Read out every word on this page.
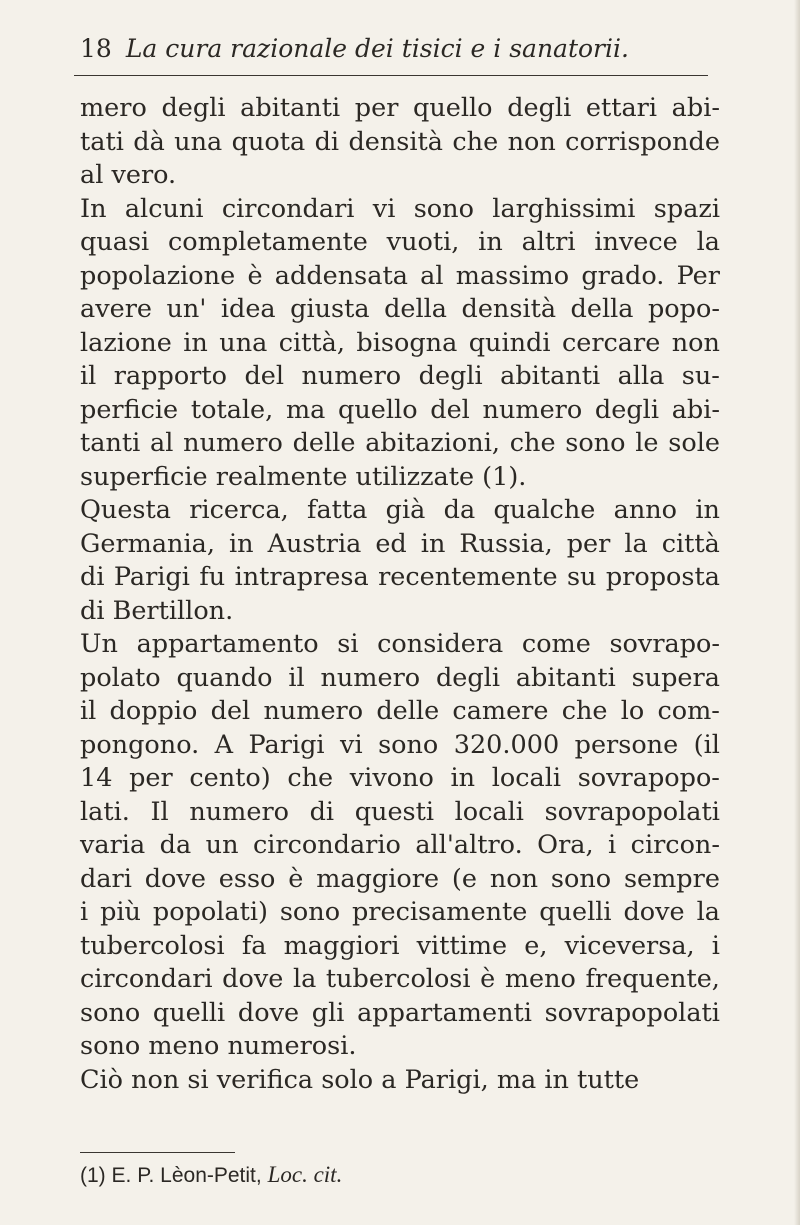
18 La cura razionale dei tisici e i sanatorii.
mero degli abitanti per quello degli ettari abi-
tati dà una quota di densità che non corrisponde
al vero.
In alcuni circondari vi sono larghissimi spazi
quasi completamente vuoti, in altri invece la
popolazione è addensata al massimo grado. Per
avere un' idea giusta della densità della popo-
lazione in una città, bisogna quindi cercare non
il rapporto del numero degli abitanti alla su-
perficie totale, ma quello del numero degli abi-
tanti al numero delle abitazioni, che sono le sole
superficie realmente utilizzate (1).
Questa ricerca, fatta già da qualche anno in
Germania, in Austria ed in Russia, per la città
di Parigi fu intrapresa recentemente su proposta
di Bertillon.
Un appartamento si considera come sovrapo-
polato quando il numero degli abitanti supera
il doppio del numero delle camere che lo com-
pongono. A Parigi vi sono 320.000 persone (il
14 per cento) che vivono in locali sovrapopo-
lati. Il numero di questi locali sovrapopolati
varia da un circondario all'altro. Ora, i circon-
dari dove esso è maggiore (e non sono sempre
i più popolati) sono precisamente quelli dove la
tubercolosi fa maggiori vittime e, viceversa, i
circondari dove la tubercolosi è meno frequente,
sono quelli dove gli appartamenti sovrapopolati
sono meno numerosi.
Ciò non si verifica solo a Parigi, ma in tutte
(1) E. P. Lèon-Petit, Loc. cit.
